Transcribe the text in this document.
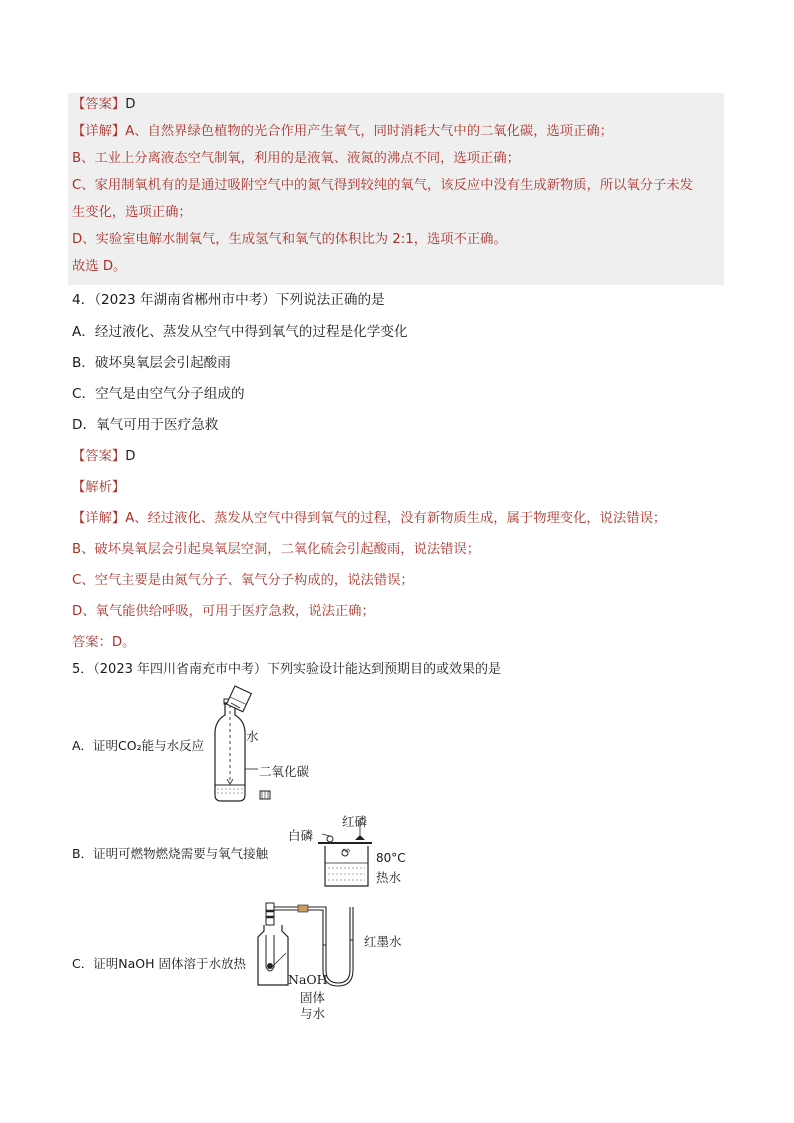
【答案】D
【详解】A、自然界绿色植物的光合作用产生氧气，同时消耗大气中的二氧化碳，选项正确；
B、工业上分离液态空气制氧，利用的是液氧、液氮的沸点不同，选项正确；
C、家用制氧机有的是通过吸附空气中的氮气得到较纯的氧气，该反应中没有生成新物质，所以氧分子未发
生变化，选项正确；
D、实验室电解水制氧气，生成氢气和氧气的体积比为 2:1，选项不正确。
故选 D。
4．（2023 年湖南省郴州市中考）下列说法正确的是
A．经过液化、蒸发从空气中得到氧气的过程是化学变化
B．破坏臭氧层会引起酸雨
C．空气是由空气分子组成的
D．氧气可用于医疗急救
【答案】D
【解析】
【详解】A、经过液化、蒸发从空气中得到氧气的过程，没有新物质生成，属于物理变化，说法错误；
B、破坏臭氧层会引起臭氧层空洞，二氧化硫会引起酸雨，说法错误；
C、空气主要是由氮气分子、氧气分子构成的，说法错误；
D、氧气能供给呼吸，可用于医疗急救，说法正确；
答案：D。
5．（2023 年四川省南充市中考）下列实验设计能达到预期目的或效果的是
A．证明CO₂能与水反应
水
二氧化碳
B．证明可燃物燃烧需要与氧气接触
白磷
红磷
80°C
热水
C．证明NaOH 固体溶于水放热
红墨水
NaOH
固体
与水
